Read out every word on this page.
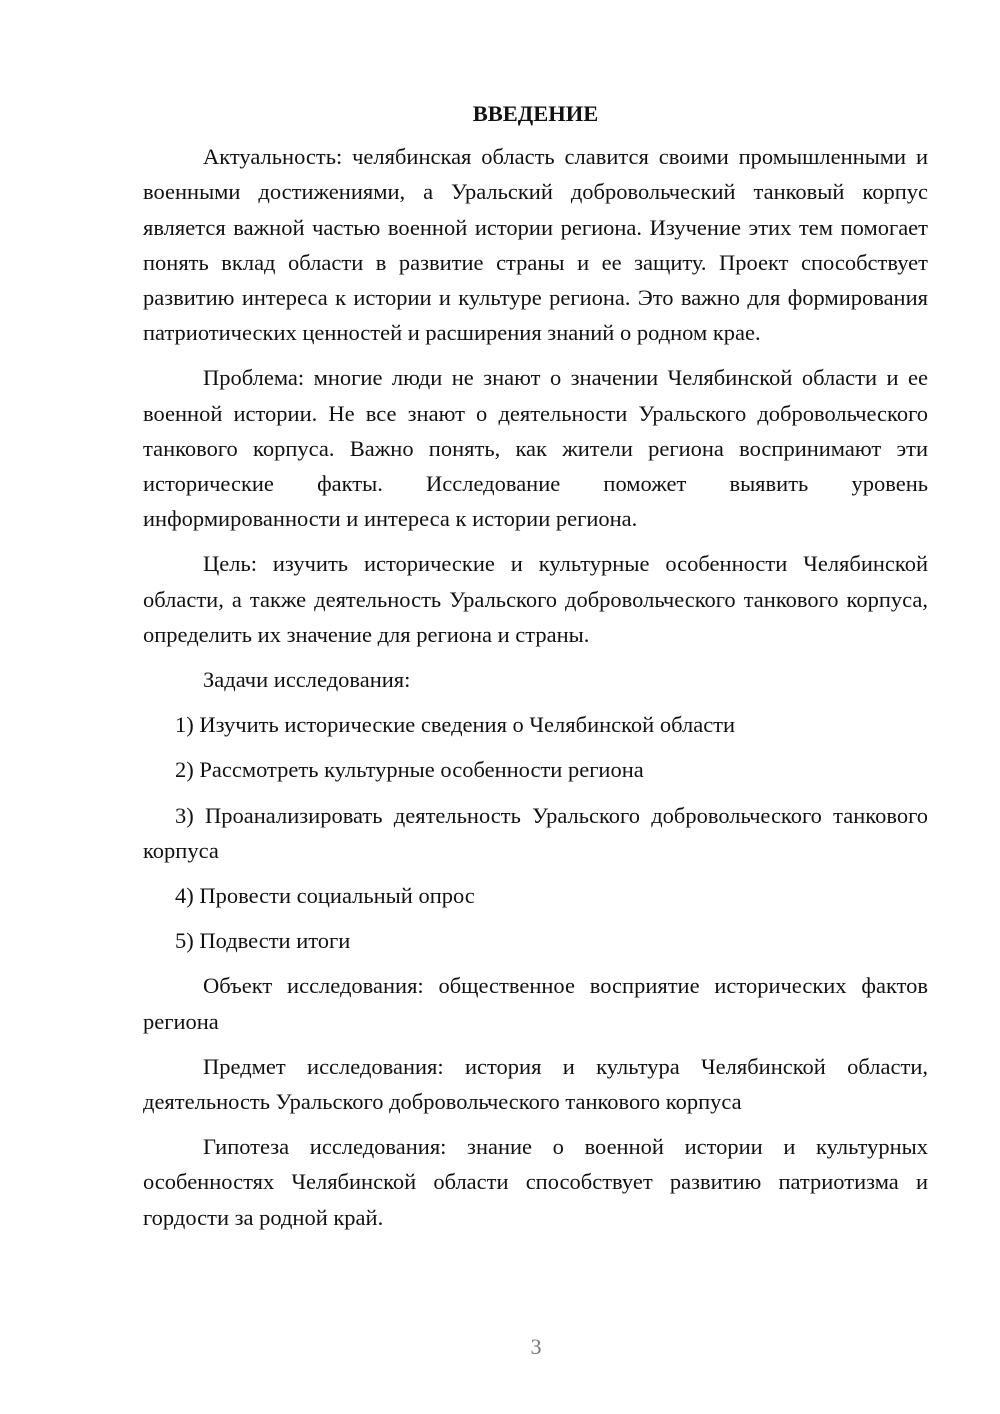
ВВЕДЕНИЕ

Актуальность: челябинская область славится своими промышленными и военными достижениями, а Уральский добровольческий танковый корпус является важной частью военной истории региона. Изучение этих тем помогает понять вклад области в развитие страны и ее защиту. Проект способствует развитию интереса к истории и культуре региона. Это важно для формирования патриотических ценностей и расширения знаний о родном крае.

Проблема: многие люди не знают о значении Челябинской области и ее военной истории. Не все знают о деятельности Уральского добровольческого танкового корпуса. Важно понять, как жители региона воспринимают эти исторические факты. Исследование поможет выявить уровень информированности и интереса к истории региона.

Цель: изучить исторические и культурные особенности Челябинской области, а также деятельность Уральского добровольческого танкового корпуса, определить их значение для региона и страны.

Задачи исследования:

1) Изучить исторические сведения о Челябинской области

2) Рассмотреть культурные особенности региона

3) Проанализировать деятельность Уральского добровольческого танкового корпуса

4) Провести социальный опрос

5) Подвести итоги

Объект исследования: общественное восприятие исторических фактов региона

Предмет исследования: история и культура Челябинской области, деятельность Уральского добровольческого танкового корпуса

Гипотеза исследования: знание о военной истории и культурных особенностях Челябинской области способствует развитию патриотизма и гордости за родной край.

3
